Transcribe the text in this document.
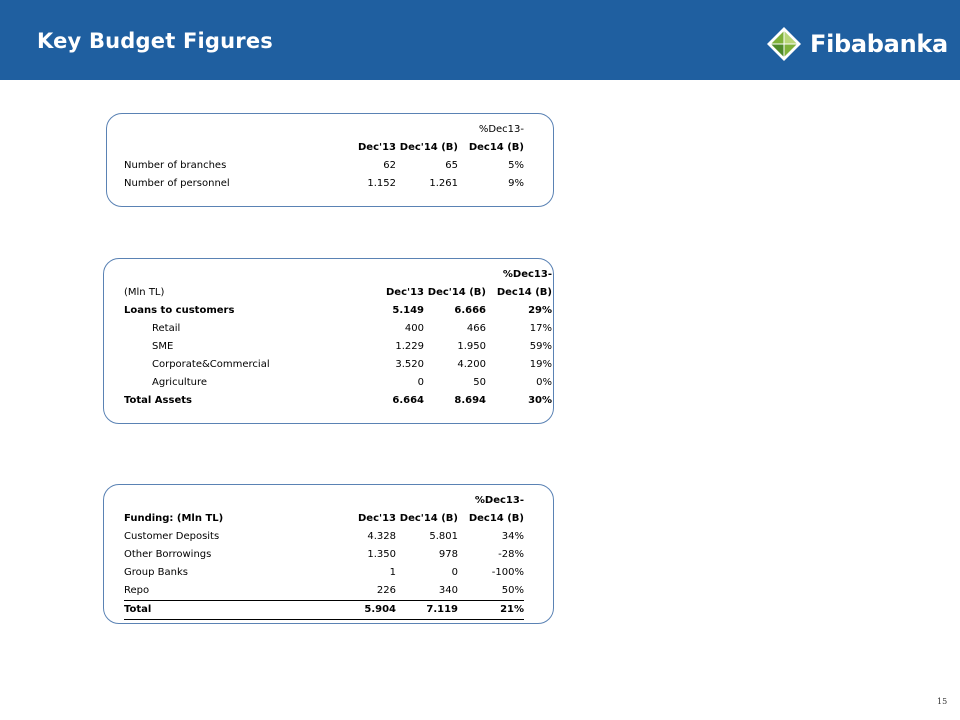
Key Budget Figures	Fibabanka
			%Dec13-
	Dec'13	Dec'14 (B)	Dec14 (B)
Number of branches	62	65	5%
Number of personnel	1.152	1.261	9%
			%Dec13-
(Mln TL)	Dec'13	Dec'14 (B)	Dec14 (B)
Loans to customers	5.149	6.666	29%
Retail	400	466	17%
SME	1.229	1.950	59%
Corporate&Commercial	3.520	4.200	19%
Agriculture	0	50	0%
Total Assets	6.664	8.694	30%
			%Dec13-
Funding: (Mln TL)	Dec'13	Dec'14 (B)	Dec14 (B)
Customer Deposits	4.328	5.801	34%
Other Borrowings	1.350	978	-28%
Group Banks	1	0	-100%
Repo	226	340	50%
Total	5.904	7.119	21%
15
